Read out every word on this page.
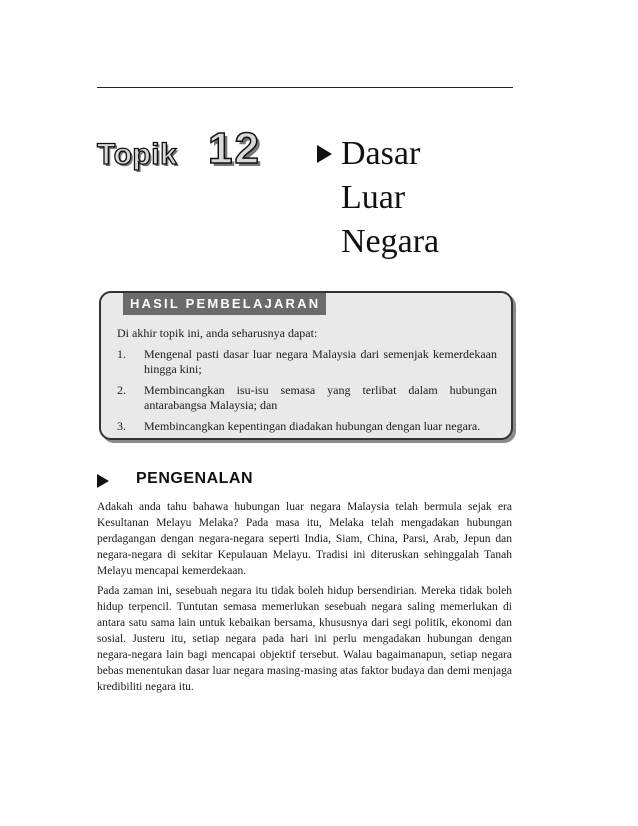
Topik 12 Dasar
Luar
Negara
HASIL PEMBELAJARAN
Di akhir topik ini, anda seharusnya dapat:
1.	Mengenal pasti dasar luar negara Malaysia dari semenjak kemerdekaan hingga kini;
2.	Membincangkan isu-isu semasa yang terlibat dalam hubungan antarabangsa Malaysia; dan
3.	Membincangkan kepentingan diadakan hubungan dengan luar negara.
PENGENALAN

Adakah anda tahu bahawa hubungan luar negara Malaysia telah bermula sejak era Kesultanan Melayu Melaka? Pada masa itu, Melaka telah mengadakan hubungan perdagangan dengan negara-negara seperti India, Siam, China, Parsi, Arab, Jepun dan negara-negara di sekitar Kepulauan Melayu. Tradisi ini diteruskan sehinggalah Tanah Melayu mencapai kemerdekaan.

Pada zaman ini, sesebuah negara itu tidak boleh hidup bersendirian. Mereka tidak boleh hidup terpencil. Tuntutan semasa memerlukan sesebuah negara saling memerlukan di antara satu sama lain untuk kebaikan bersama, khususnya dari segi politik, ekonomi dan sosial. Justeru itu, setiap negara pada hari ini perlu mengadakan hubungan dengan negara-negara lain bagi mencapai objektif tersebut. Walau bagaimanapun, setiap negara bebas menentukan dasar luar negara masing-masing atas faktor budaya dan demi menjaga kredibiliti negara itu.
